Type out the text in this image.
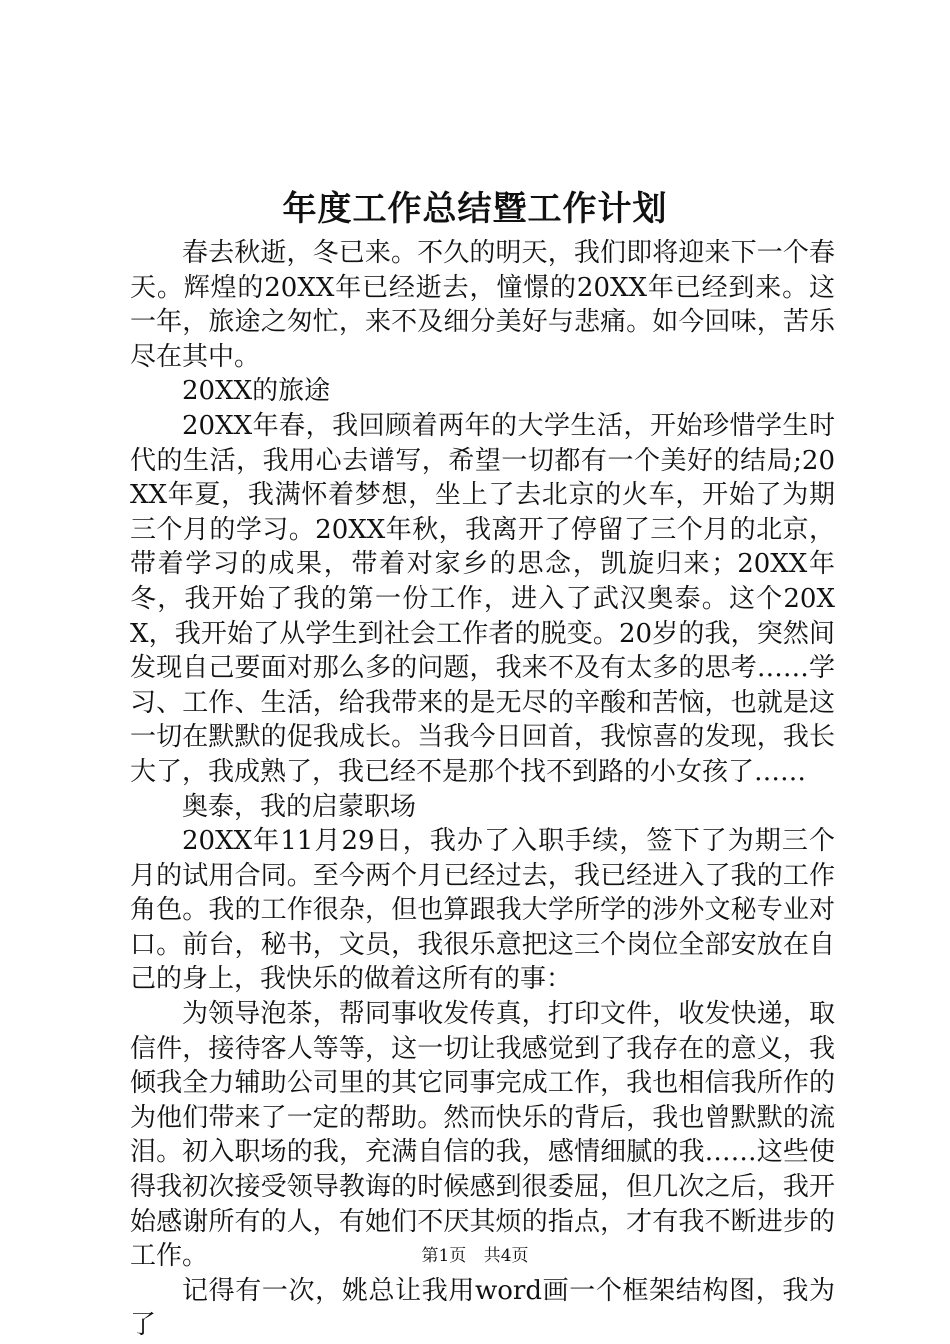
年度工作总结暨工作计划

春去秋逝，冬已来。不久的明天，我们即将迎来下一个春天。辉煌的20XX年已经逝去，憧憬的20XX年已经到来。这一年，旅途之匆忙，来不及细分美好与悲痛。如今回味，苦乐尽在其中。

20XX的旅途

20XX年春，我回顾着两年的大学生活，开始珍惜学生时代的生活，我用心去谱写，希望一切都有一个美好的结局;20XX年夏，我满怀着梦想，坐上了去北京的火车，开始了为期三个月的学习。20XX年秋，我离开了停留了三个月的北京，带着学习的成果，带着对家乡的思念，凯旋归来；20XX年冬，我开始了我的第一份工作，进入了武汉奥泰。这个20XX，我开始了从学生到社会工作者的脱变。20岁的我，突然间发现自己要面对那么多的问题，我来不及有太多的思考……学习、工作、生活，给我带来的是无尽的辛酸和苦恼，也就是这一切在默默的促我成长。当我今日回首，我惊喜的发现，我长大了，我成熟了，我已经不是那个找不到路的小女孩了……

奥泰，我的启蒙职场

20XX年11月29日，我办了入职手续，签下了为期三个月的试用合同。至今两个月已经过去，我已经进入了我的工作角色。我的工作很杂，但也算跟我大学所学的涉外文秘专业对口。前台，秘书，文员，我很乐意把这三个岗位全部安放在自己的身上，我快乐的做着这所有的事：

为领导泡茶，帮同事收发传真，打印文件，收发快递，取信件，接待客人等等，这一切让我感觉到了我存在的意义，我倾我全力辅助公司里的其它同事完成工作，我也相信我所作的为他们带来了一定的帮助。然而快乐的背后，我也曾默默的流泪。初入职场的我，充满自信的我，感情细腻的我……这些使得我初次接受领导教诲的时候感到很委屈，但几次之后，我开始感谢所有的人，有她们不厌其烦的指点，才有我不断进步的工作。

记得有一次，姚总让我用word画一个框架结构图，我为了

第1页 共4页
